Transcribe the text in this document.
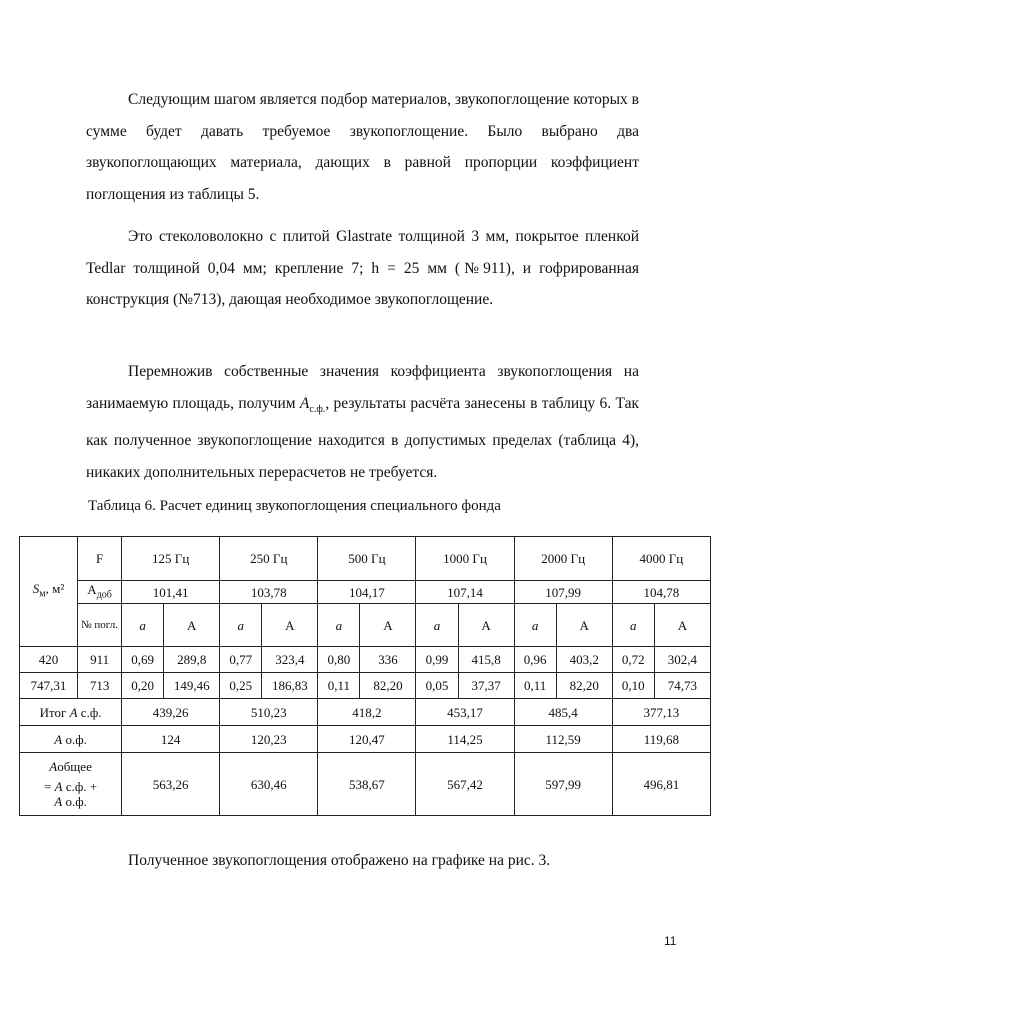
Следующим шагом является подбор материалов, звукопоглощение которых в сумме будет давать требуемое звукопоглощение. Было выбрано два звукопоглощающих материала, дающих в равной пропорции коэффициент поглощения из таблицы 5.

Это стеколоволокно с плитой Glastrate толщиной 3 мм, покрытое пленкой Tedlar толщиной 0,04 мм; крепление 7; h = 25 мм (№911), и гофрированная конструкция (№713), дающая необходимое звукопоглощение.

Перемножив собственные значения коэффициента звукопоглощения на занимаемую площадь, получим $A_{с.ф.}$, результаты расчёта занесены в таблицу 6. Так как полученное звукопоглощение находится в допустимых пределах (таблица 4), никаких дополнительных перерасчетов не требуется.

Таблица 6. Расчет единиц звукопоглощения специального фонда
$S_м$, м²	F	125 Гц		250 Гц		500 Гц		1000 Гц		2000 Гц		4000 Гц	
	$A_{доб}$	101,41		103,78		104,17		107,14		107,99		104,78	
	№ погл.	a	A	a	A	a	A	a	A	a	A	a	A
420	911	0,69	289,8	0,77	323,4	0,80	336	0,99	415,8	0,96	403,2	0,72	302,4
747,31	713	0,20	149,46	0,25	186,83	0,11	82,20	0,05	37,37	0,11	82,20	0,10	74,73
Итог A с.ф.		439,26		510,23		418,2		453,17		485,4		377,13	
A о.ф.		124		120,23		120,47		114,25		112,59		119,68	

Aобщее
= A с.ф. +
A о.ф.		563,26		630,46		538,67		567,42		597,99		496,81	

Полученное звукопоглощения отображено на графике на рис. 3.

11
